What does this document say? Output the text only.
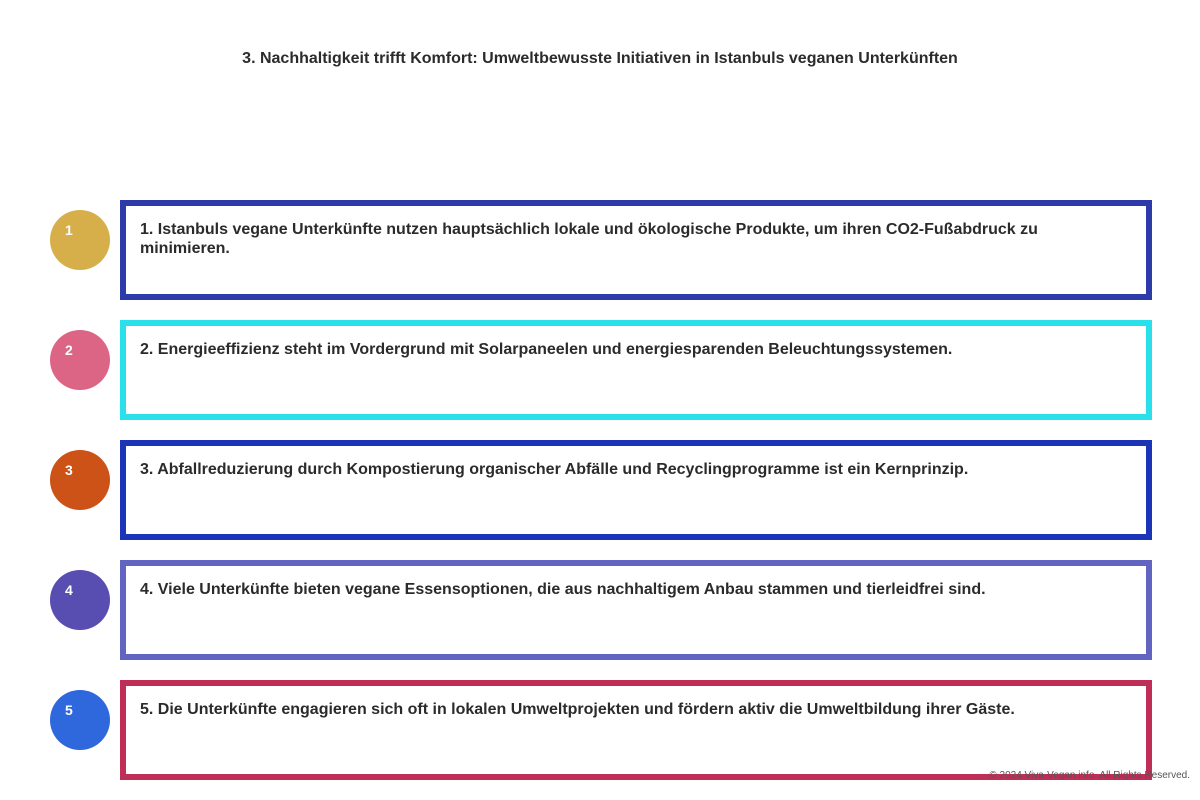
3. Nachhaltigkeit trifft Komfort: Umweltbewusste Initiativen in Istanbuls veganen Unterkünften
1	1. Istanbuls vegane Unterkünfte nutzen hauptsächlich lokale und ökologische Produkte, um ihren CO2-Fußabdruck zu minimieren.
2	2. Energieeffizienz steht im Vordergrund mit Solarpaneelen und energiesparenden Beleuchtungssystemen.
3	3. Abfallreduzierung durch Kompostierung organischer Abfälle und Recyclingprogramme ist ein Kernprinzip.
4	4. Viele Unterkünfte bieten vegane Essensoptionen, die aus nachhaltigem Anbau stammen und tierleidfrei sind.
5	5. Die Unterkünfte engagieren sich oft in lokalen Umweltprojekten und fördern aktiv die Umweltbildung ihrer Gäste.
© 2024 Viva-Vegan.info. All Rights Reserved.
